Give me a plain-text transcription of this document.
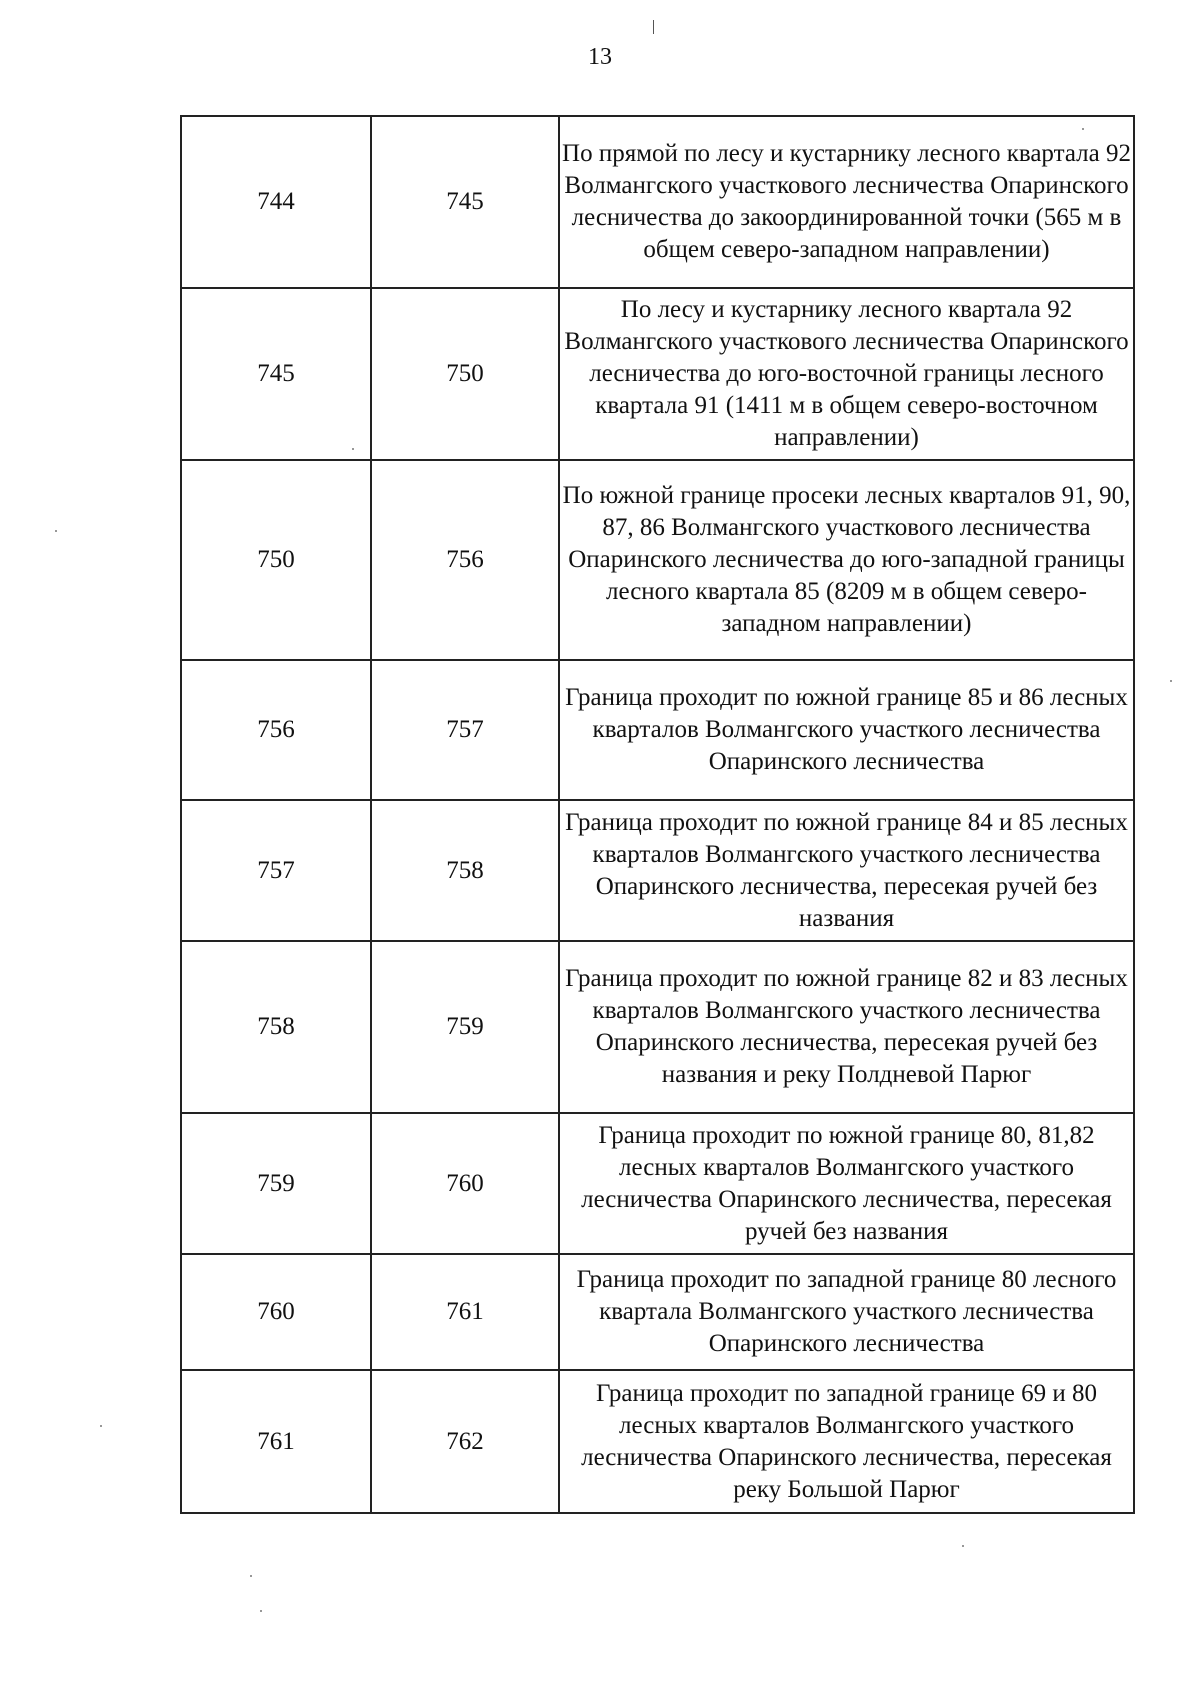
13
744	745	По прямой по лесу и кустарнику лесного квартала 92 Волмангского участкового лесничества Опаринского лесничества до закоординированной точки (565 м в общем северо-западном направлении)
745	750	По лесу и кустарнику лесного квартала 92 Волмангского участкового лесничества Опаринского лесничества до юго-восточной границы лесного квартала 91 (1411 м в общем северо-восточном направлении)
750	756	По южной границе просеки лесных кварталов 91, 90, 87, 86 Волмангского участкового лесничества Опаринского лесничества до юго-западной границы лесного квартала 85 (8209 м в общем северо-западном направлении)
756	757	Граница проходит по южной границе 85 и 86 лесных кварталов Волмангского участкого лесничества Опаринского лесничества
757	758	Граница проходит по южной границе 84 и 85 лесных кварталов Волмангского участкого лесничества Опаринского лесничества, пересекая ручей без названия
758	759	Граница проходит по южной границе 82 и 83 лесных кварталов Волмангского участкого лесничества Опаринского лесничества, пересекая ручей без названия и реку Полдневой Парюг
759	760	Граница проходит по южной границе 80, 81,82 лесных кварталов Волмангского участкого лесничества Опаринского лесничества, пересекая ручей без названия
760	761	Граница проходит по западной границе 80 лесного квартала Волмангского участкого лесничества Опаринского лесничества
761	762	Граница проходит по западной границе 69 и 80 лесных кварталов Волмангского участкого лесничества Опаринского лесничества, пересекая реку Большой Парюг
